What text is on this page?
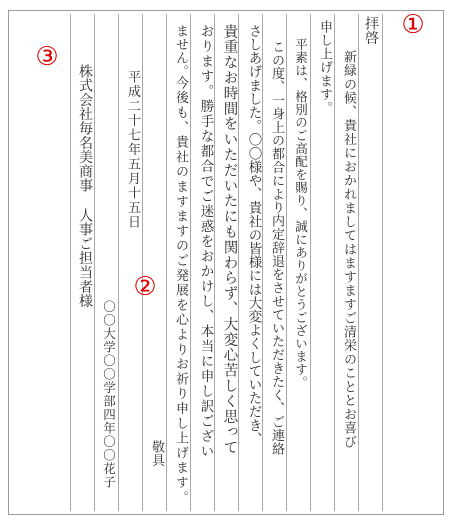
①
②
③
拝啓
新緑の候、貴社におかれましてはますますご清栄のこととお喜び
申し上げます。
平素は、格別のご高配を賜り、誠にありがとうございます。
この度、一身上の都合により内定辞退をさせていただきたく、ご連絡
さしあげました。〇〇様や、貴社の皆様には大変よくしていただき、
貴重なお時間をいただいたにも関わらず、大変心苦しく思って
おります。勝手な都合でご迷惑をおかけし、本当に申し訳ござい
ません。
今後も、貴社のますますのご発展を心よりお祈り申し上げます。
敬具
平成二十七年五月十五日
〇〇大学〇〇学部四年〇〇花子
株式会社毎名美商事
人事ご担当者様
